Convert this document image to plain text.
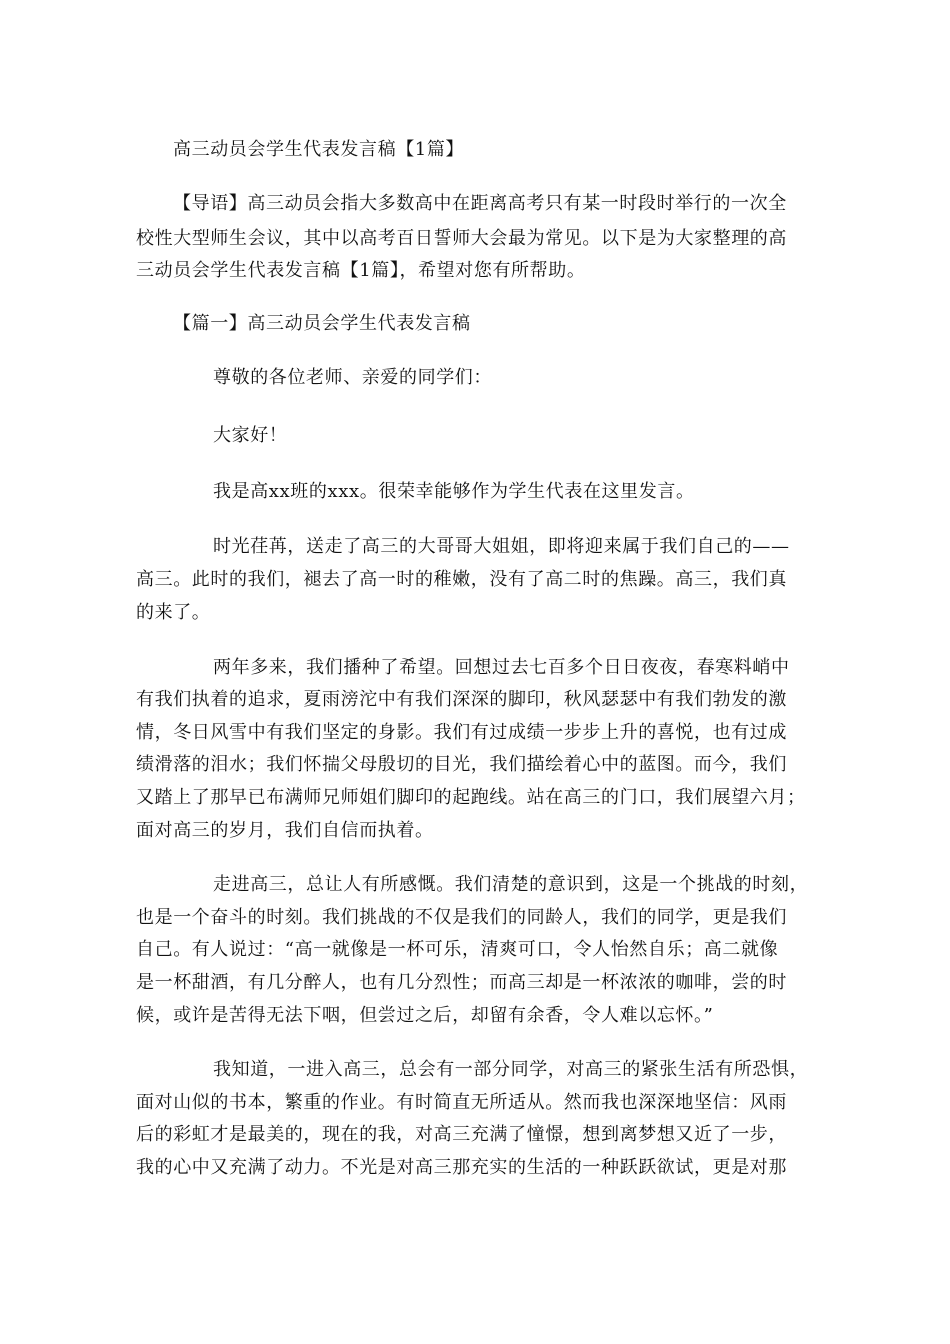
高三动员会学生代表发言稿【1篇】

【导语】高三动员会指大多数高中在距离高考只有某一时段时举行的一次全

校性大型师生会议，其中以高考百日誓师大会最为常见。以下是为大家整理的高

三动员会学生代表发言稿【1篇】，希望对您有所帮助。

【篇一】高三动员会学生代表发言稿

尊敬的各位老师、亲爱的同学们：

大家好！

我是高xx班的xxx。很荣幸能够作为学生代表在这里发言。

时光荏苒，送走了高三的大哥哥大姐姐，即将迎来属于我们自己的——

高三。此时的我们，褪去了高一时的稚嫩，没有了高二时的焦躁。高三，我们真

的来了。

两年多来，我们播种了希望。回想过去七百多个日日夜夜，春寒料峭中

有我们执着的追求，夏雨滂沱中有我们深深的脚印，秋风瑟瑟中有我们勃发的激

情，冬日风雪中有我们坚定的身影。我们有过成绩一步步上升的喜悦，也有过成

绩滑落的泪水；我们怀揣父母殷切的目光，我们描绘着心中的蓝图。而今，我们

又踏上了那早已布满师兄师姐们脚印的起跑线。站在高三的门口，我们展望六月；

面对高三的岁月，我们自信而执着。

走进高三，总让人有所感慨。我们清楚的意识到，这是一个挑战的时刻，

也是一个奋斗的时刻。我们挑战的不仅是我们的同龄人，我们的同学，更是我们

自己。有人说过：“高一就像是一杯可乐，清爽可口，令人怡然自乐；高二就像

是一杯甜酒，有几分醉人，也有几分烈性；而高三却是一杯浓浓的咖啡，尝的时

候，或许是苦得无法下咽，但尝过之后，却留有余香，令人难以忘怀。”

我知道，一进入高三，总会有一部分同学，对高三的紧张生活有所恐惧，

面对山似的书本，繁重的作业。有时简直无所适从。然而我也深深地坚信：风雨

后的彩虹才是最美的，现在的我，对高三充满了憧憬，想到离梦想又近了一步，

我的心中又充满了动力。不光是对高三那充实的生活的一种跃跃欲试，更是对那
